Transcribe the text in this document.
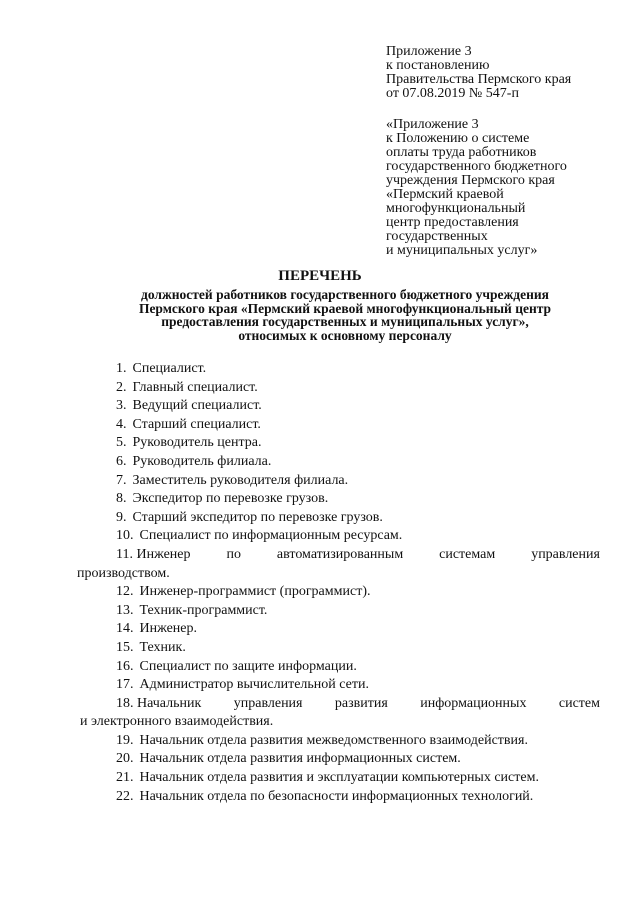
Приложение 3
к постановлению
Правительства Пермского края
от 07.08.2019 № 547-п
«Приложение 3
к Положению о системе
оплаты труда работников
государственного бюджетного
учреждения Пермского края
«Пермский краевой
многофункциональный
центр предоставления
государственных
и муниципальных услуг»
ПЕРЕЧЕНЬ
должностей работников государственного бюджетного учреждения
Пермского края «Пермский краевой многофункциональный центр
предоставления государственных и муниципальных услуг»,
относимых к основному персоналу
1. Специалист.
2. Главный специалист.
3. Ведущий специалист.
4. Старший специалист.
5. Руководитель центра.
6. Руководитель филиала.
7. Заместитель руководителя филиала.
8. Экспедитор по перевозке грузов.
9. Старший экспедитор по перевозке грузов.
10. Специалист по информационным ресурсам.
11. Инженер	по	автоматизированным	системам	управления
производством.
12. Инженер-программист (программист).
13. Техник-программист.
14. Инженер.
15. Техник.
16. Специалист по защите информации.
17. Администратор вычислительной сети.
18. Начальник управления развития информационных систем
и электронного взаимодействия.
19. Начальник отдела развития межведомственного взаимодействия.
20. Начальник отдела развития информационных систем.
21. Начальник отдела развития и эксплуатации компьютерных систем.
22. Начальник отдела по безопасности информационных технологий.
